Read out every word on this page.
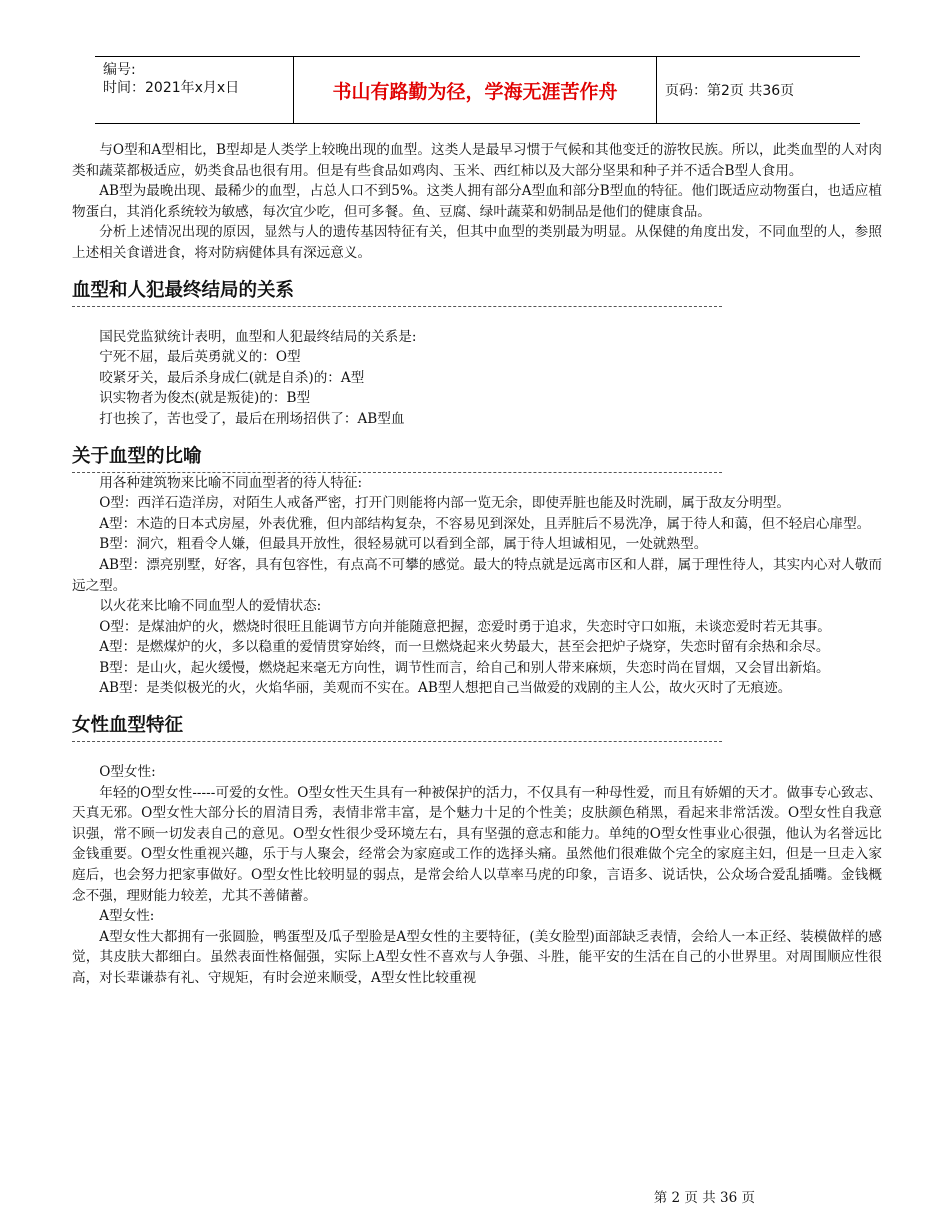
编号:
时间：2021年x月x日	书山有路勤为径，学海无涯苦作舟	页码：第2页 共36页

与O型和A型相比，B型却是人类学上较晚出现的血型。这类人是最早习惯于气候和其他变迁的游牧民族。所以，此类血型的人对肉类和蔬菜都极适应，奶类食品也很有用。但是有些食品如鸡肉、玉米、西红柿以及大部分坚果和种子并不适合B型人食用。

AB型为最晚出现、最稀少的血型，占总人口不到5%。这类人拥有部分A型血和部分B型血的特征。他们既适应动物蛋白，也适应植物蛋白，其消化系统较为敏感，每次宜少吃，但可多餐。鱼、豆腐、绿叶蔬菜和奶制品是他们的健康食品。

分析上述情况出现的原因，显然与人的遗传基因特征有关，但其中血型的类别最为明显。从保健的角度出发，不同血型的人，参照上述相关食谱进食，将对防病健体具有深远意义。

血型和人犯最终结局的关系

国民党监狱统计表明，血型和人犯最终结局的关系是:

宁死不屈，最后英勇就义的：O型

咬紧牙关，最后杀身成仁(就是自杀)的：A型

识实物者为俊杰(就是叛徒)的：B型

打也挨了，苦也受了，最后在刑场招供了：AB型血

关于血型的比喻

用各种建筑物来比喻不同血型者的待人特征:

O型：西洋石造洋房，对陌生人戒备严密，打开门则能将内部一览无余，即使弄脏也能及时洗刷，属于敌友分明型。

A型：木造的日本式房屋，外表优雅，但内部结构复杂，不容易见到深处，且弄脏后不易洗净，属于待人和蔼，但不轻启心扉型。

B型：洞穴，粗看令人嫌，但最具开放性，很轻易就可以看到全部，属于待人坦诚相见，一处就熟型。

AB型：漂亮别墅，好客，具有包容性，有点高不可攀的感觉。最大的特点就是远离市区和人群，属于理性待人，其实内心对人敬而远之型。

以火花来比喻不同血型人的爱情状态:

O型：是煤油炉的火，燃烧时很旺且能调节方向并能随意把握，恋爱时勇于追求，失恋时守口如瓶，未谈恋爱时若无其事。

A型：是燃煤炉的火，多以稳重的爱情贯穿始终，而一旦燃烧起来火势最大，甚至会把炉子烧穿，失恋时留有余热和余尽。

B型：是山火，起火缓慢，燃烧起来毫无方向性，调节性而言，给自己和别人带来麻烦，失恋时尚在冒烟，又会冒出新焰。

AB型：是类似极光的火，火焰华丽，美观而不实在。AB型人想把自己当做爱的戏剧的主人公，故火灭时了无痕迹。

女性血型特征

O型女性:

年轻的O型女性-----可爱的女性。O型女性天生具有一种被保护的活力，不仅具有一种母性爱，而且有娇媚的天才。做事专心致志、天真无邪。O型女性大部分长的眉清目秀，表情非常丰富，是个魅力十足的个性美；皮肤颜色稍黑，看起来非常活泼。O型女性自我意识强，常不顾一切发表自己的意见。O型女性很少受环境左右，具有坚强的意志和能力。单纯的O型女性事业心很强，他认为名誉远比金钱重要。O型女性重视兴趣，乐于与人聚会，经常会为家庭或工作的选择头痛。虽然他们很难做个完全的家庭主妇，但是一旦走入家庭后，也会努力把家事做好。O型女性比较明显的弱点，是常会给人以草率马虎的印象，言语多、说话快，公众场合爱乱插嘴。金钱概念不强，理财能力较差，尤其不善储蓄。

A型女性:

A型女性大都拥有一张圆脸，鸭蛋型及瓜子型脸是A型女性的主要特征，(美女脸型)面部缺乏表情，会给人一本正经、装模做样的感觉，其皮肤大都细白。虽然表面性格倔强，实际上A型女性不喜欢与人争强、斗胜，能平安的生活在自己的小世界里。对周围顺应性很高，对长辈谦恭有礼、守规矩，有时会逆来顺受，A型女性比较重视

第 2 页 共 36 页
